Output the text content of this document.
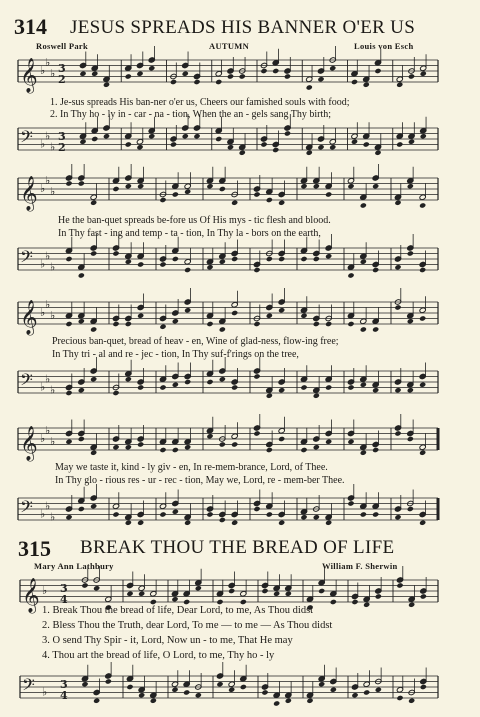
314 JESUS SPREADS HIS BANNER O'ER US
Roswell Park	AUTUMN	Louis von Esch
𝄞 ♭
♭
♭ 3
2
1. Je-sus spreads His ban-ner o'er us, Cheers our famished souls with food;
2. In Thy ho - ly in - car - na - tion, When the an - gels sang Thy birth;
𝄢 ♭
♭
♭
3
2
𝄞 ♭
♭
♭
He the ban-quet spreads be-fore us Of His mys - tic flesh and blood.
In Thy fast - ing and temp - ta - tion, In Thy la - bors on the earth,
𝄢 ♭
♭
♭
𝄞 ♭
♭
♭
Precious ban-quet, bread of heav - en, Wine of glad-ness, flow-ing free;
In Thy tri - al and re - jec - tion, In Thy suf-f'rings on the tree,
𝄢 ♭
♭
♭
𝄞 ♭
♭
♭
May we taste it, kind - ly giv - en, In re-mem-brance, Lord, of Thee.
In Thy glo - rious res - ur - rec - tion, May we, Lord, re - mem-ber Thee.
𝄢 ♭
♭
♭
315 BREAK THOU THE BREAD OF LIFE
Mary Ann Lathbury	William F. Sherwin
𝄞 ♭ 3
4
1. Break Thou the bread of life, Dear Lord, to me, As Thou didst
2. Bless Thou the Truth, dear Lord, To me — to me — As Thou didst
3. O send Thy Spir - it, Lord, Now un - to me, That He may
4. Thou art the bread of life, O Lord, to me, Thy ho - ly
𝄢 ♭
3
4
